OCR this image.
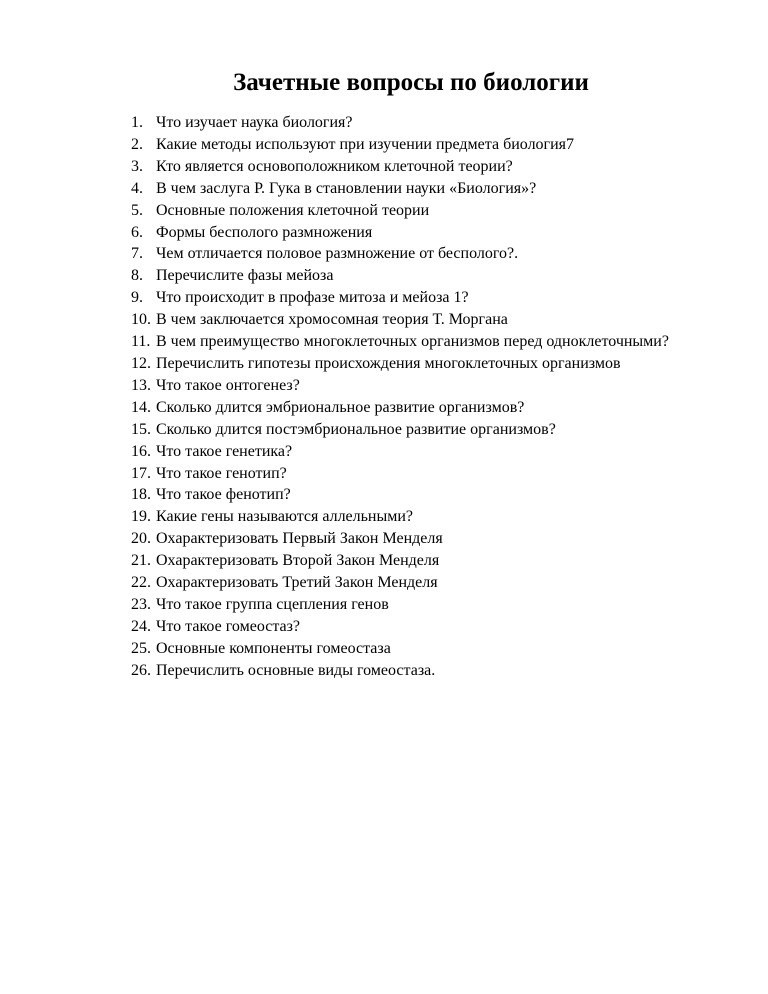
Зачетные вопросы по биологии
1. Что изучает наука биология?
2. Какие методы используют при изучении предмета биология7
3. Кто является основоположником клеточной теории?
4. В чем заслуга Р. Гука в становлении науки «Биология»?
5. Основные положения клеточной теории
6. Формы бесполого размножения
7. Чем отличается половое размножение от бесполого?.
8. Перечислите фазы мейоза
9. Что происходит в профазе митоза и мейоза 1?
10. В чем заключается хромосомная теория Т. Моргана
11. В чем преимущество многоклеточных организмов перед одноклеточными?
12. Перечислить гипотезы происхождения многоклеточных организмов
13. Что такое онтогенез?
14. Сколько длится эмбриональное развитие организмов?
15. Сколько длится постэмбриональное развитие организмов?
16. Что такое генетика?
17. Что такое генотип?
18. Что такое фенотип?
19. Какие гены называются аллельными?
20. Охарактеризовать Первый Закон Менделя
21. Охарактеризовать Второй Закон Менделя
22. Охарактеризовать Третий Закон Менделя
23. Что такое группа сцепления генов
24. Что такое гомеостаз?
25. Основные компоненты гомеостаза
26. Перечислить основные виды гомеостаза.
